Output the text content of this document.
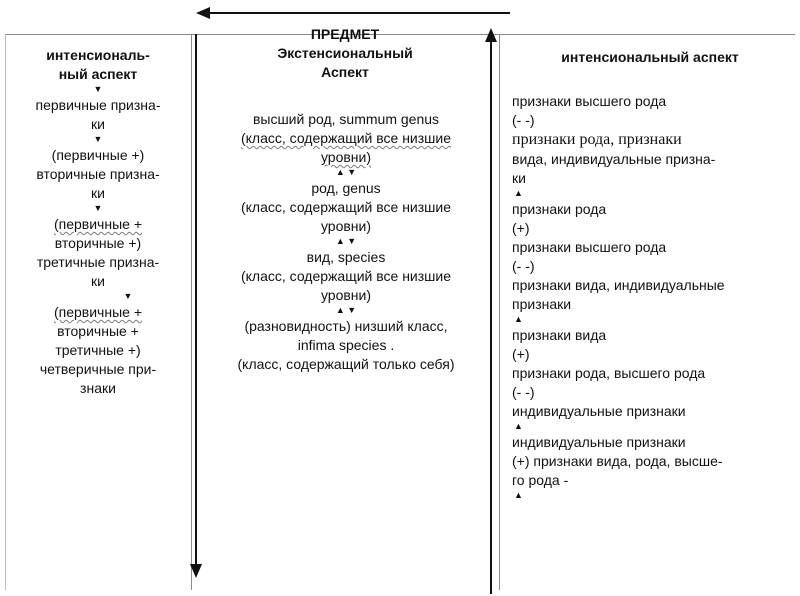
ПРЕДМЕТ
Экстенсиональный
Аспект
интенсиональ-
ный аспект
▼
первичные призна-
ки
▼
(первичные +)
вторичные призна-
ки
▼
(первичные +
вторичные +)
третичные призна-
ки
▼
(первичные +
вторичные +
третичные +)
четверичные при-
знаки
высший род, summum genus
(класс, содержащий все низшие
уровни)
▲ ▼
род, genus
(класс, содержащий все низшие
уровни)
▲ ▼
вид, species
(класс, содержащий все низшие
уровни)
▲ ▼
(разновидность) низший класс,
infima species .
(класс, содержащий только себя)
интенсиональный аспект
признаки высшего рода
(- -)
признаки рода, признаки
вида, индивидуальные призна-
ки
▲
признаки рода
(+)
признаки высшего рода
(- -)
признаки вида, индивидуальные
признаки
▲
признаки вида
(+)
признаки рода, высшего рода
(- -)
индивидуальные признаки
▲
индивидуальные признаки
(+) признаки вида, рода, высше-
го рода -
▲
